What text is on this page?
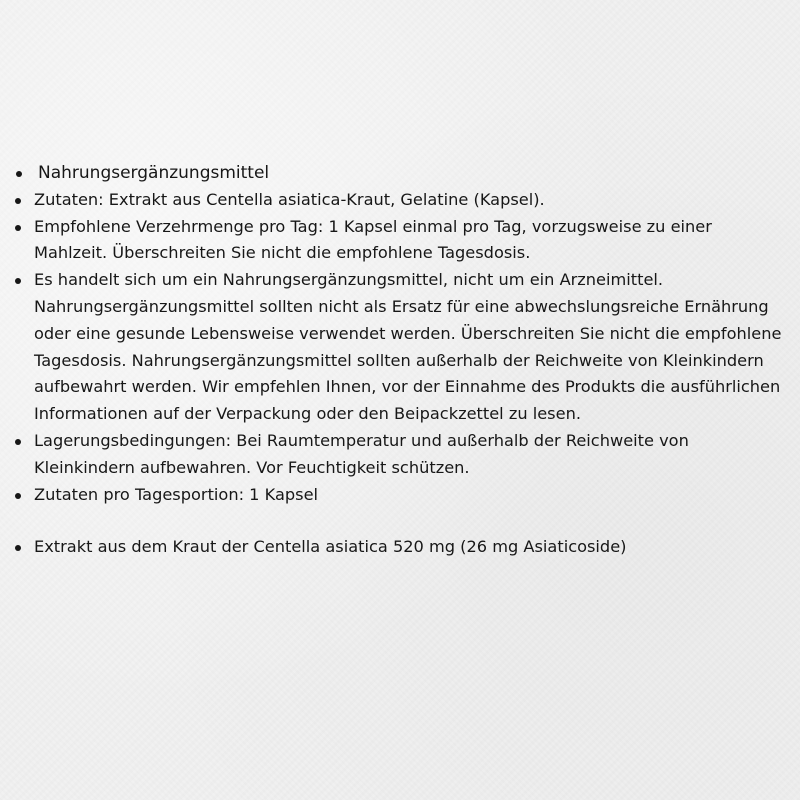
Nahrungsergänzungsmittel
Zutaten: Extrakt aus Centella asiatica-Kraut, Gelatine (Kapsel).
Empfohlene Verzehrmenge pro Tag: 1 Kapsel einmal pro Tag, vorzugsweise zu einer Mahlzeit. Überschreiten Sie nicht die empfohlene Tagesdosis.
Es handelt sich um ein Nahrungsergänzungsmittel, nicht um ein Arzneimittel. Nahrungsergänzungsmittel sollten nicht als Ersatz für eine abwechslungsreiche Ernährung oder eine gesunde Lebensweise verwendet werden. Überschreiten Sie nicht die empfohlene Tagesdosis. Nahrungsergänzungsmittel sollten außerhalb der Reichweite von Kleinkindern aufbewahrt werden. Wir empfehlen Ihnen, vor der Einnahme des Produkts die ausführlichen Informationen auf der Verpackung oder den Beipackzettel zu lesen.
Lagerungsbedingungen: Bei Raumtemperatur und außerhalb der Reichweite von Kleinkindern aufbewahren. Vor Feuchtigkeit schützen.
Zutaten pro Tagesportion: 1 Kapsel
Extrakt aus dem Kraut der Centella asiatica 520 mg (26 mg Asiaticoside)
